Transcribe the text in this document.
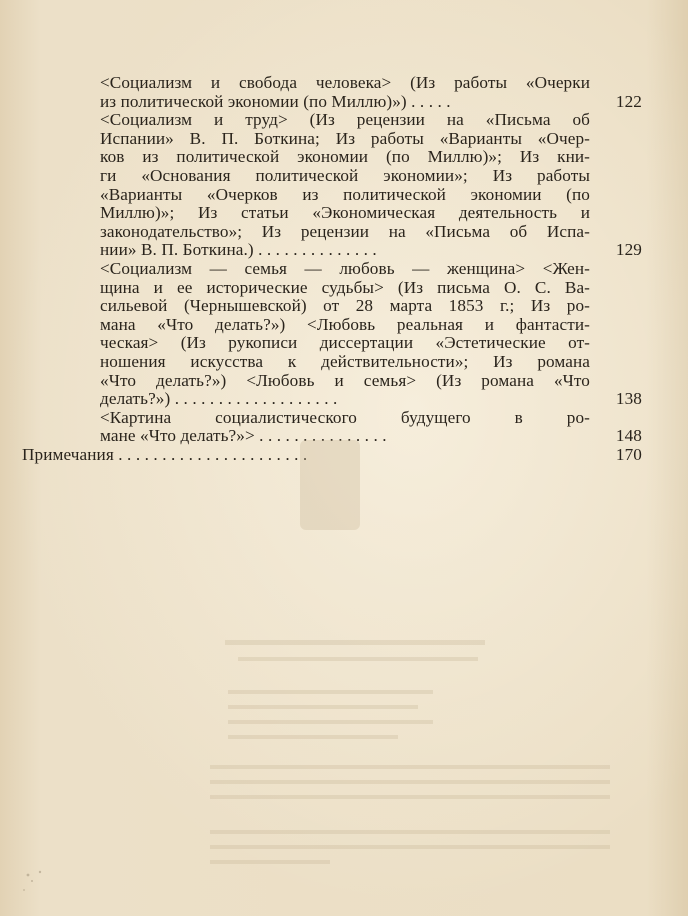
<Социализм и свобода человека> (Из работы «Очерки
из политической экономии (по Миллю)») . . . . .	122
<Социализм и труд> (Из рецензии на «Письма об
Испании» В. П. Боткина; Из работы «Варианты «Очер-
ков из политической экономии (по Миллю)»; Из кни-
ги «Основания политической экономии»; Из работы
«Варианты «Очерков из политической экономии (по
Миллю)»; Из статьи «Экономическая деятельность и
законодательство»; Из рецензии на «Письма об Испа-
нии» В. П. Боткина.) . . . . . . . . . . . . . .	129
<Социализм — семья — любовь — женщина> <Жен-
щина и ее исторические судьбы> (Из письма О. С. Ва-
сильевой (Чернышевской) от 28 марта 1853 г.; Из ро-
мана «Что делать?») <Любовь реальная и фантасти-
ческая> (Из рукописи диссертации «Эстетические от-
ношения искусства к действительности»; Из романа
«Что делать?») <Любовь и семья> (Из романа «Что
делать?») . . . . . . . . . . . . . . . . . . .	138
<Картина социалистического будущего в ро-
мане «Что делать?»> . . . . . . . . . . . . . . .	148
Примечания . . . . . . . . . . . . . . . . . . . . . .	170
